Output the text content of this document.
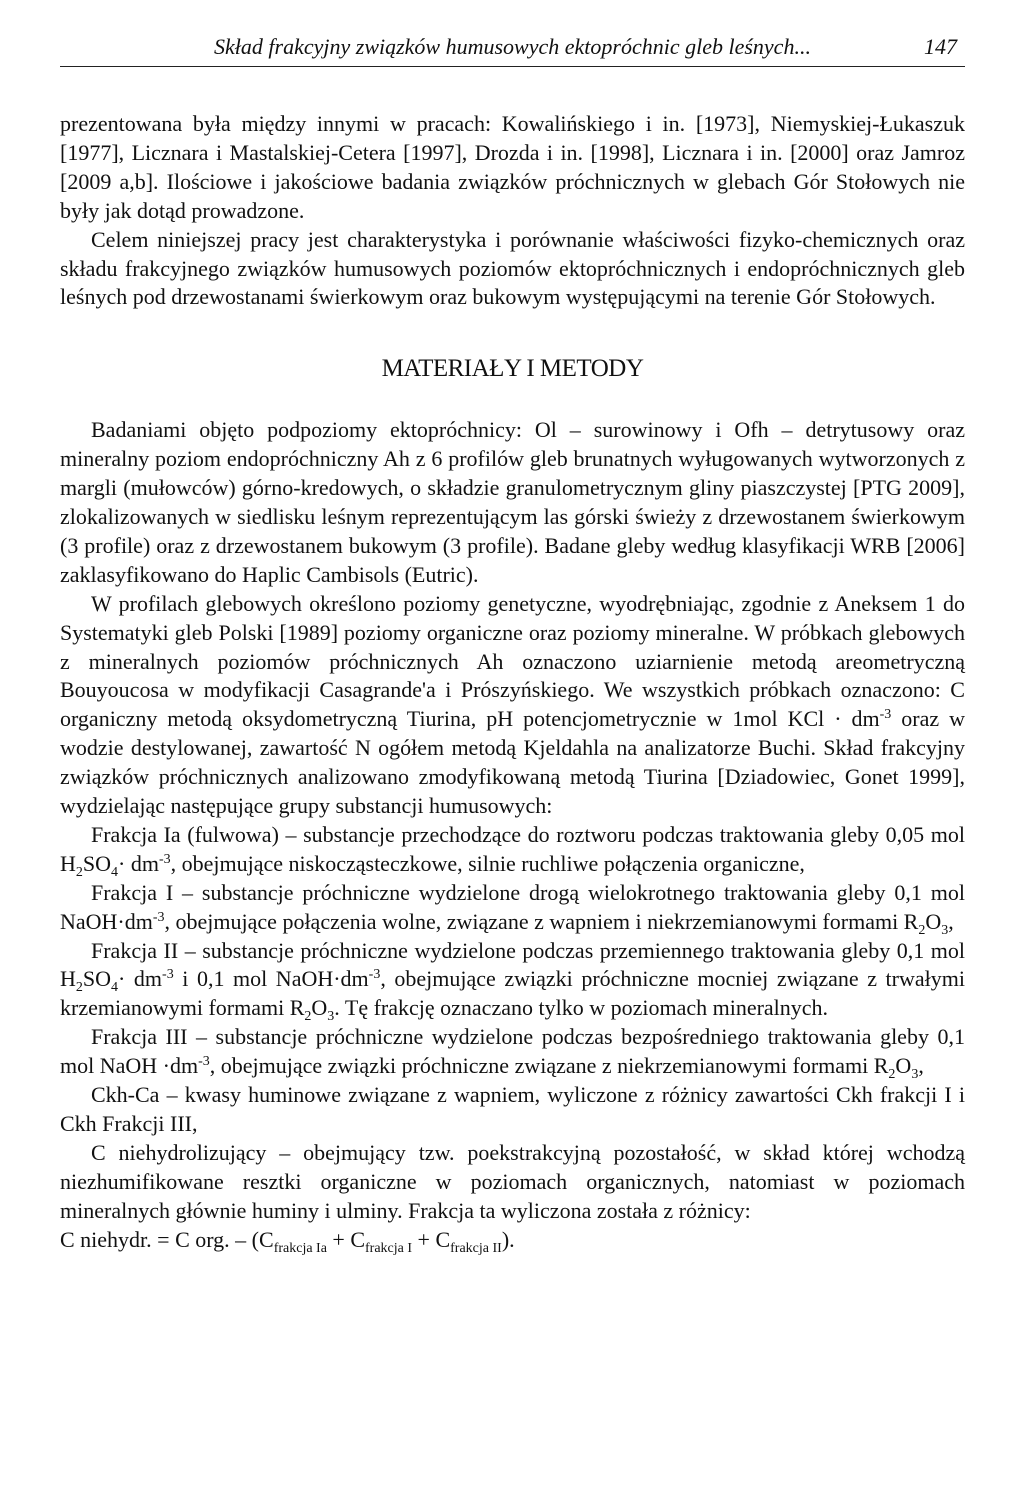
Skład frakcyjny związków humusowych ektopróchnic gleb leśnych...	147

prezentowana była między innymi w pracach: Kowalińskiego i in. [1973], Niemyskiej-Łukaszuk [1977], Licznara i Mastalskiej-Cetera [1997], Drozda i in. [1998], Licznara i in. [2000] oraz Jamroz [2009 a,b]. Ilościowe i jakościowe badania związków próchnicznych w glebach Gór Stołowych nie były jak dotąd prowadzone.

Celem niniejszej pracy jest charakterystyka i porównanie właściwości fizyko-chemicznych oraz składu frakcyjnego związków humusowych poziomów ektopróchnicznych i endopróchnicznych gleb leśnych pod drzewostanami świerkowym oraz bukowym występującymi na terenie Gór Stołowych.

MATERIAŁY I METODY

Badaniami objęto podpoziomy ektopróchnicy: Ol – surowinowy i Ofh – detrytusowy oraz mineralny poziom endopróchniczny Ah z 6 profilów gleb brunatnych wyługowanych wytworzonych z margli (mułowców) górno-kredowych, o składzie granulometrycznym gliny piaszczystej [PTG 2009], zlokalizowanych w siedlisku leśnym reprezentującym las górski świeży z drzewostanem świerkowym (3 profile) oraz z drzewostanem bukowym (3 profile). Badane gleby według klasyfikacji WRB [2006] zaklasyfikowano do Haplic Cambisols (Eutric).

W profilach glebowych określono poziomy genetyczne, wyodrębniając, zgodnie z Aneksem 1 do Systematyki gleb Polski [1989] poziomy organiczne oraz poziomy mineralne. W próbkach glebowych z mineralnych poziomów próchnicznych Ah oznaczono uziarnienie metodą areometryczną Bouyoucosa w modyfikacji Casagrande'a i Prószyńskiego. We wszystkich próbkach oznaczono: C organiczny metodą oksydometryczną Tiurina, pH potencjometrycznie w 1mol KCl · $dm^{-3}$ oraz w wodzie destylowanej, zawartość N ogółem metodą Kjeldahla na analizatorze Buchi. Skład frakcyjny związków próchnicznych analizowano zmodyfikowaną metodą Tiurina [Dziadowiec, Gonet 1999], wydzielając następujące grupy substancji humusowych:

Frakcja Ia (fulwowa) – substancje przechodzące do roztworu podczas traktowania gleby 0,05 mol $H_2SO_4\cdot dm^{-3}$, obejmujące niskocząsteczkowe, silnie ruchliwe połączenia organiczne,

Frakcja I – substancje próchniczne wydzielone drogą wielokrotnego traktowania gleby 0,1 mol $NaOH\cdot dm^{-3}$, obejmujące połączenia wolne, związane z wapniem i niekrzemianowymi formami $R_2O_3$,

Frakcja II – substancje próchniczne wydzielone podczas przemiennego traktowania gleby 0,1 mol $H_2SO_4\cdot dm^{-3}$ i 0,1 mol $NaOH\cdot dm^{-3}$, obejmujące związki próchniczne mocniej związane z trwałymi krzemianowymi formami $R_2O_3$. Tę frakcję oznaczano tylko w poziomach mineralnych.

Frakcja III – substancje próchniczne wydzielone podczas bezpośredniego traktowania gleby 0,1 mol NaOH $\cdot dm^{-3}$, obejmujące związki próchniczne związane z niekrzemianowymi formami $R_2O_3$,

Ckh-Ca – kwasy huminowe związane z wapniem, wyliczone z różnicy zawartości Ckh frakcji I i Ckh Frakcji III,

C niehydrolizujący – obejmujący tzw. poekstrakcyjną pozostałość, w skład której wchodzą niezhumifikowane resztki organiczne w poziomach organicznych, natomiast w poziomach mineralnych głównie huminy i ulminy. Frakcja ta wyliczona została z różnicy:

C niehydr. = C org. – $(C_{frakcja Ia} + C_{frakcja I} + C_{frakcja II})$.
